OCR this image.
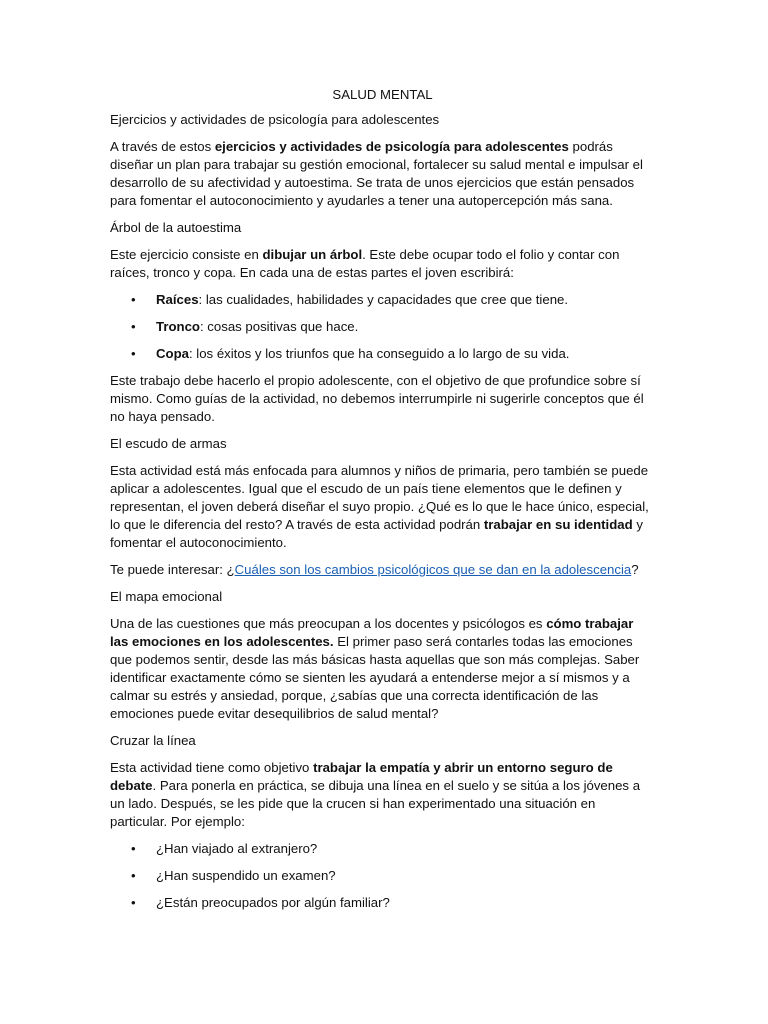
SALUD MENTAL

Ejercicios y actividades de psicología para adolescentes

A través de estos ejercicios y actividades de psicología para adolescentes podrás diseñar un plan para trabajar su gestión emocional, fortalecer su salud mental e impulsar el desarrollo de su afectividad y autoestima. Se trata de unos ejercicios que están pensados para fomentar el autoconocimiento y ayudarles a tener una autopercepción más sana.

Árbol de la autoestima

Este ejercicio consiste en dibujar un árbol. Este debe ocupar todo el folio y contar con raíces, tronco y copa. En cada una de estas partes el joven escribirá:

• Raíces: las cualidades, habilidades y capacidades que cree que tiene.
• Tronco: cosas positivas que hace.
• Copa: los éxitos y los triunfos que ha conseguido a lo largo de su vida.

Este trabajo debe hacerlo el propio adolescente, con el objetivo de que profundice sobre sí mismo. Como guías de la actividad, no debemos interrumpirle ni sugerirle conceptos que él no haya pensado.

El escudo de armas

Esta actividad está más enfocada para alumnos y niños de primaria, pero también se puede aplicar a adolescentes. Igual que el escudo de un país tiene elementos que le definen y representan, el joven deberá diseñar el suyo propio. ¿Qué es lo que le hace único, especial, lo que le diferencia del resto? A través de esta actividad podrán trabajar en su identidad y fomentar el autoconocimiento.

Te puede interesar: ¿Cuáles son los cambios psicológicos que se dan en la adolescencia?

El mapa emocional

Una de las cuestiones que más preocupan a los docentes y psicólogos es cómo trabajar las emociones en los adolescentes. El primer paso será contarles todas las emociones que podemos sentir, desde las más básicas hasta aquellas que son más complejas. Saber identificar exactamente cómo se sienten les ayudará a entenderse mejor a sí mismos y a calmar su estrés y ansiedad, porque, ¿sabías que una correcta identificación de las emociones puede evitar desequilibrios de salud mental?

Cruzar la línea

Esta actividad tiene como objetivo trabajar la empatía y abrir un entorno seguro de debate. Para ponerla en práctica, se dibuja una línea en el suelo y se sitúa a los jóvenes a un lado. Después, se les pide que la crucen si han experimentado una situación en particular. Por ejemplo:

• ¿Han viajado al extranjero?
• ¿Han suspendido un examen?
• ¿Están preocupados por algún familiar?
